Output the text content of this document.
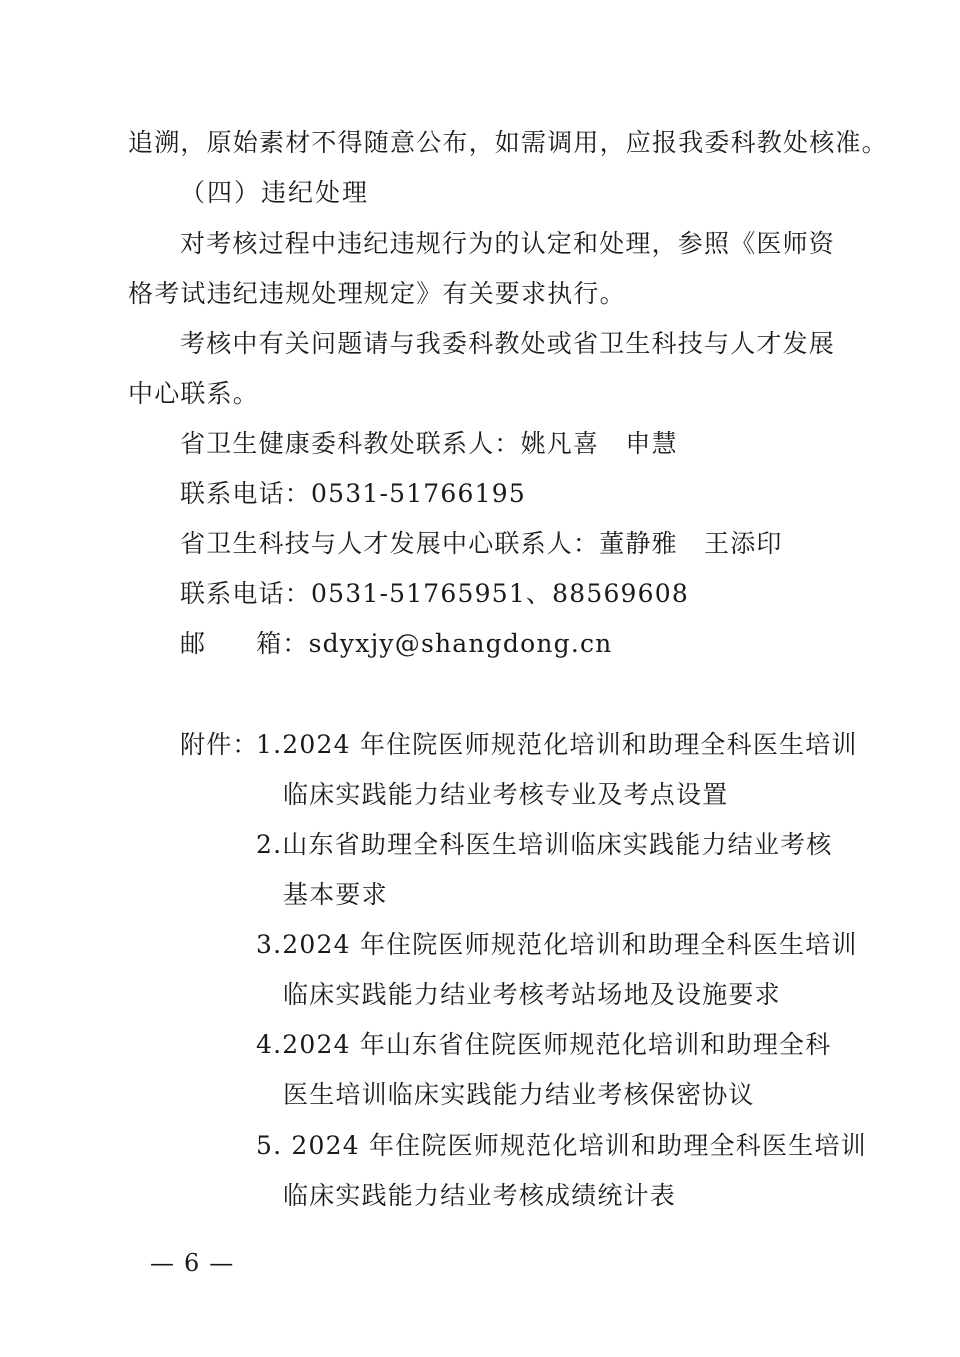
追溯，原始素材不得随意公布，如需调用，应报我委科教处核准。
（四）违纪处理
对考核过程中违纪违规行为的认定和处理，参照《医师资
格考试违纪违规处理规定》有关要求执行。
考核中有关问题请与我委科教处或省卫生科技与人才发展
中心联系。
省卫生健康委科教处联系人：姚凡喜　申慧
联系电话：0531-51766195
省卫生科技与人才发展中心联系人：董静雅　王添印
联系电话：0531-51765951、88569608
邮 箱：sdyxjy@shangdong.cn
附件：
1.2024 年住院医师规范化培训和助理全科医生培训
临床实践能力结业考核专业及考点设置
2.山东省助理全科医生培训临床实践能力结业考核
基本要求
3.2024 年住院医师规范化培训和助理全科医生培训
临床实践能力结业考核考站场地及设施要求
4.2024 年山东省住院医师规范化培训和助理全科
医生培训临床实践能力结业考核保密协议
5. 2024 年住院医师规范化培训和助理全科医生培训
临床实践能力结业考核成绩统计表
— 6 —
